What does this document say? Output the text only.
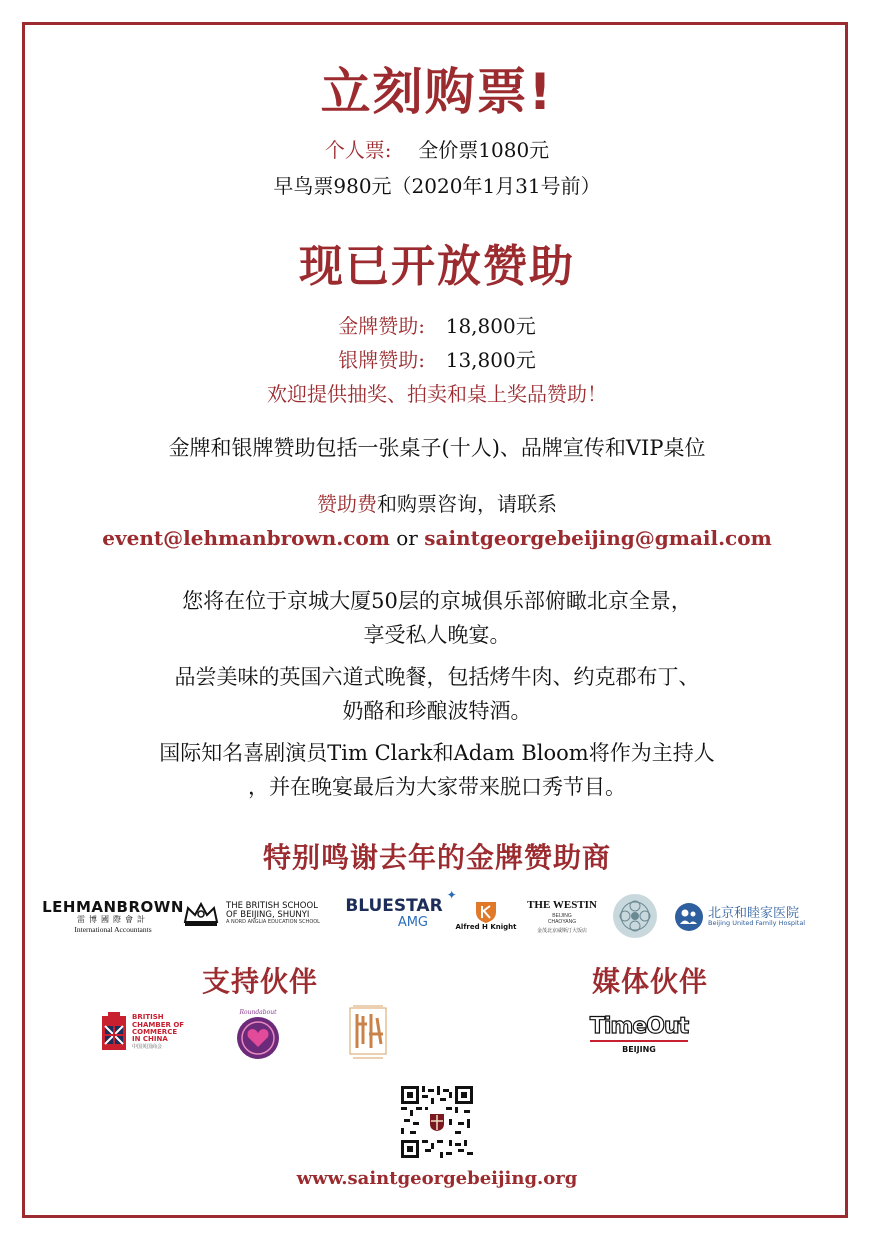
立刻购票!
个人票: 全价票1080元
早鸟票980元（2020年1月31号前）
现已开放赞助
金牌赞助: 18,800元
银牌赞助: 13,800元
欢迎提供抽奖、拍卖和桌上奖品赞助！
金牌和银牌赞助包括一张桌子(十人)、品牌宣传和VIP桌位
赞助费和购票咨询，请联系
event@lehmanbrown.com or saintgeorgebeijing@gmail.com
您将在位于京城大厦50层的京城俱乐部俯瞰北京全景，
享受私人晚宴。
品尝美味的英国六道式晚餐，包括烤牛肉、约克郡布丁、
奶酪和珍酿波特酒。
国际知名喜剧演员Tim Clark和Adam Bloom将作为主持人
，并在晚宴最后为大家带来脱口秀节目。
特别鸣谢去年的金牌赞助商
LEHMANBROWN
雷博國際會計
International Accountants
THE BRITISH SCHOOL
OF BEIJING, SHUNYI
A NORD ANGLIA EDUCATION SCHOOL
BLUESTAR
✦
AMG	Alfred H Knight
THE WESTIN
BEIJING
CHAOYANG
金茂北京威斯汀大饭店
北京和睦家医院
Beijing United Family Hospital
支持伙伴	媒体伙伴
BRITISH
CHAMBER OF
COMMERCE
IN CHINA
中国英国商会
Roundabout
TimeOut
BEIJING
www.saintgeorgebeijing.org
